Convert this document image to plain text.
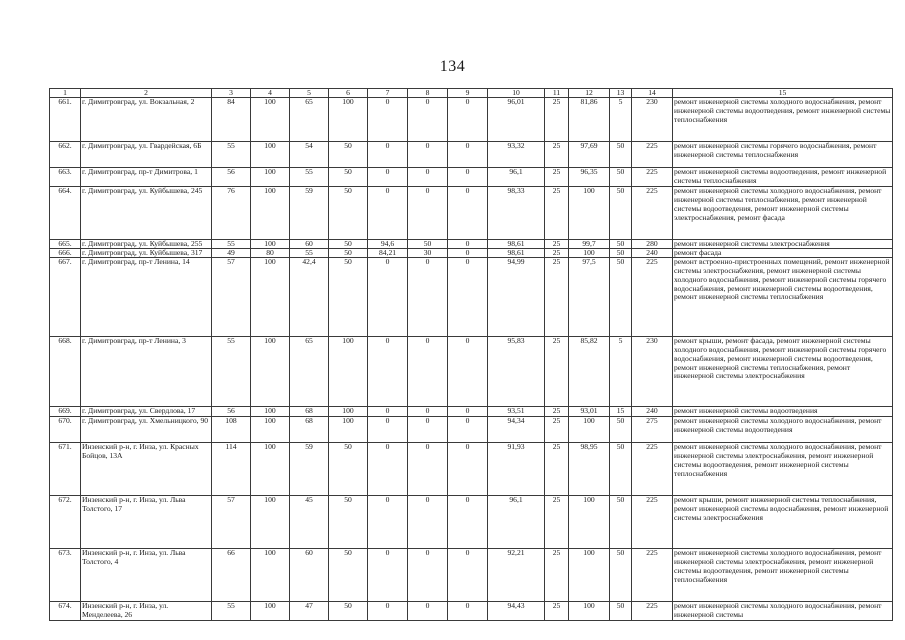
134
1	2	3	4	5	6	7	8	9	10	11	12	13	14	15
661.	г. Димитровград, ул. Вокзальная, 2	84	100	65	100	0	0	0	96,01	25	81,86	5	230	ремонт инженерной системы холодного водоснабжения, ремонт инженерной системы водоотведения, ремонт инженерной системы теплоснабжения
662.	г. Димитровград, ул. Гвардейская, 6Б	55	100	54	50	0	0	0	93,32	25	97,69	50	225	ремонт инженерной системы горячего водоснабжения, ремонт инженерной системы теплоснабжения
663.	г. Димитровград, пр-т Димитрова, 1	56	100	55	50	0	0	0	96,1	25	96,35	50	225	ремонт инженерной системы водоотведения, ремонт инженерной системы теплоснабжения
664.	г. Димитровград, ул. Куйбышева, 245	76	100	59	50	0	0	0	98,33	25	100	50	225	ремонт инженерной системы холодного водоснабжения, ремонт инженерной системы теплоснабжения, ремонт инженерной системы водоотведения, ремонт инженерной системы электроснабжения, ремонт фасада
665.	г. Димитровград, ул. Куйбышева, 255	55	100	60	50	94,6	50	0	98,61	25	99,7	50	280	ремонт инженерной системы электроснабжения
666.	г. Димитровград, ул. Куйбышева, 317	49	80	55	50	84,21	30	0	98,61	25	100	50	240	ремонт фасада
667.	г. Димитровград, пр-т Ленина, 14	57	100	42,4	50	0	0	0	94,99	25	97,5	50	225	ремонт встроенно-пристроенных помещений, ремонт инженерной системы электроснабжения, ремонт инженерной системы холодного водоснабжения, ремонт инженерной системы горячего водоснабжения, ремонт инженерной системы водоотведения, ремонт инженерной системы теплоснабжения
668.	г. Димитровград, пр-т Ленина, 3	55	100	65	100	0	0	0	95,83	25	85,82	5	230	ремонт крыши, ремонт фасада, ремонт инженерной системы холодного водоснабжения, ремонт инженерной системы горячего водоснабжения, ремонт инженерной системы водоотведения, ремонт инженерной системы теплоснабжения, ремонт инженерной системы электроснабжения
669.	г. Димитровград, ул. Свердлова, 17	56	100	68	100	0	0	0	93,51	25	93,01	15	240	ремонт инженерной системы водоотведения
670.	г. Димитровград, ул. Хмельницкого, 90	108	100	68	100	0	0	0	94,34	25	100	50	275	ремонт инженерной системы холодного водоснабжения, ремонт инженерной системы водоотведения
671.	Инзенский р-н, г. Инза, ул. Красных Бойцов, 13А	114	100	59	50	0	0	0	91,93	25	98,95	50	225	ремонт инженерной системы холодного водоснабжения, ремонт инженерной системы электроснабжения, ремонт инженерной системы водоотведения, ремонт инженерной системы теплоснабжения
672.	Инзенский р-н, г. Инза, ул. Льва Толстого, 17	57	100	45	50	0	0	0	96,1	25	100	50	225	ремонт крыши, ремонт инженерной системы теплоснабжения, ремонт инженерной системы водоснабжения, ремонт инженерной системы электроснабжения
673.	Инзенский р-н, г. Инза, ул. Льва Толстого, 4	66	100	60	50	0	0	0	92,21	25	100	50	225	ремонт инженерной системы холодного водоснабжения, ремонт инженерной системы электроснабжения, ремонт инженерной системы водоотведения, ремонт инженерной системы теплоснабжения
674.	Инзенский р-н, г. Инза, ул. Менделеева, 26	55	100	47	50	0	0	0	94,43	25	100	50	225	ремонт инженерной системы холодного водоснабжения, ремонт инженерной системы
